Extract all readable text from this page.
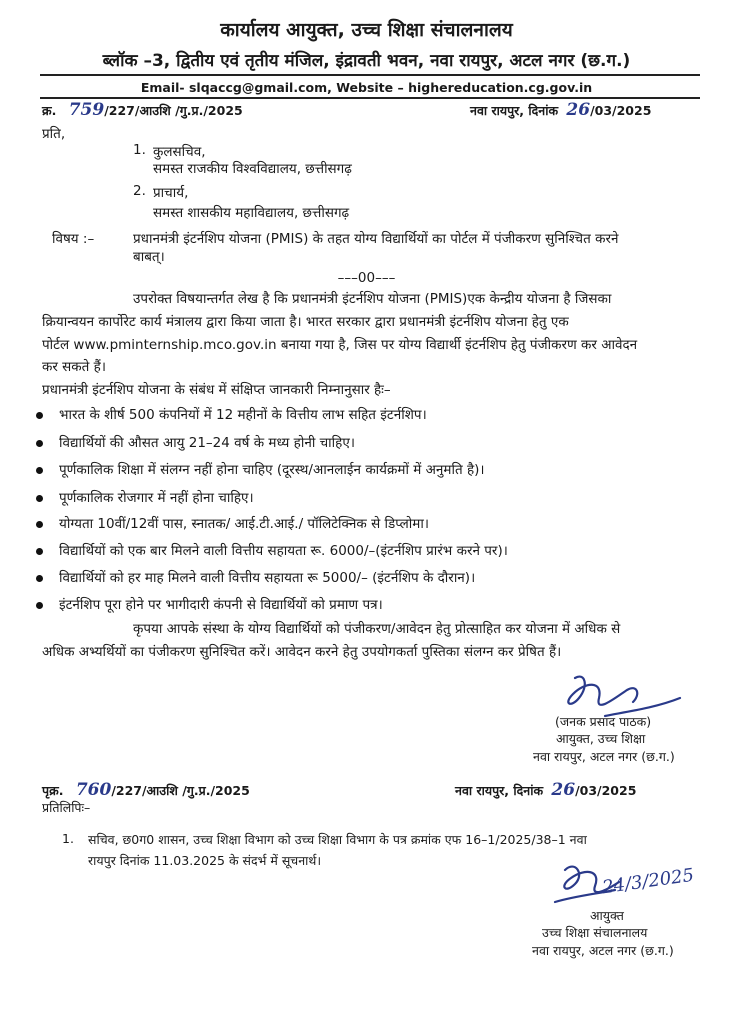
कार्यालय आयुक्त, उच्च शिक्षा संचालनालय
ब्लॉक –3, द्वितीय एवं तृतीय मंजिल, इंद्रावती भवन, नवा रायपुर, अटल नगर (छ.ग.)
Email- slqaccg@gmail.com, Website – highereducation.cg.gov.in
क्र. 759/227/आउशि /गु.प्र./2025	नवा रायपुर, दिनांक 26/03/2025
प्रति,
1. कुलसचिव,
समस्त राजकीय विश्वविद्यालय, छत्तीसगढ़
2. प्राचार्य,
समस्त शासकीय महाविद्यालय, छत्तीसगढ़
विषय :–	प्रधानमंत्री इंटर्नशिप योजना (PMIS) के तहत योग्य विद्यार्थियों का पोर्टल में पंजीकरण सुनिश्चित करने
बाबत्।
–––00–––
उपरोक्त विषयान्तर्गत लेख है कि प्रधानमंत्री इंटर्नशिप योजना (PMIS)एक केन्द्रीय योजना है जिसका
क्रियान्वयन कार्पोरेट कार्य मंत्रालय द्वारा किया जाता है। भारत सरकार द्वारा प्रधानमंत्री इंटर्नशिप योजना हेतु एक
पोर्टल www.pminternship.mco.gov.in बनाया गया है, जिस पर योग्य विद्यार्थी इंटर्नशिप हेतु पंजीकरण कर आवेदन
कर सकते हैं।
प्रधानमंत्री इंटर्नशिप योजना के संबंध में संक्षिप्त जानकारी निम्नानुसार हैः–
भारत के शीर्ष 500 कंपनियों में 12 महीनों के वित्तीय लाभ सहित इंटर्नशिप।
विद्यार्थियों की औसत आयु 21–24 वर्ष के मध्य होनी चाहिए।
पूर्णकालिक शिक्षा में संलग्न नहीं होना चाहिए (दूरस्थ/आनलाईन कार्यक्रमों में अनुमति है)।
पूर्णकालिक रोजगार में नहीं होना चाहिए।
योग्यता 10वीं/12वीं पास, स्नातक/ आई.टी.आई./ पॉलिटेक्निक से डिप्लोमा।
विद्यार्थियों को एक बार मिलने वाली वित्तीय सहायता रू. 6000/–(इंटर्नशिप प्रारंभ करने पर)।
विद्यार्थियों को हर माह मिलने वाली वित्तीय सहायता रू 5000/– (इंटर्नशिप के दौरान)।
इंटर्नशिप पूरा होने पर भागीदारी कंपनी से विद्यार्थियों को प्रमाण पत्र।
कृपया आपके संस्था के योग्य विद्यार्थियों को पंजीकरण/आवेदन हेतु प्रोत्साहित कर योजना में अधिक से
अधिक अभ्यर्थियों का पंजीकरण सुनिश्चित करें। आवेदन करने हेतु उपयोगकर्ता पुस्तिका संलग्न कर प्रेषित हैं।
(जनक प्रसाद पाठक)
आयुक्त, उच्च शिक्षा
नवा रायपुर, अटल नगर (छ.ग.)
पृक्र. 760/227/आउशि /गु.प्र./2025	नवा रायपुर, दिनांक 26/03/2025
प्रतिलिपिः–
1. सचिव, छ0ग0 शासन, उच्च शिक्षा विभाग को उच्च शिक्षा विभाग के पत्र क्रमांक एफ 16–1/2025/38–1 नवा
रायपुर दिनांक 11.03.2025 के संदर्भ में सूचनार्थ।
24/3/2025
आयुक्त
उच्च शिक्षा संचालनालय
नवा रायपुर, अटल नगर (छ.ग.)
